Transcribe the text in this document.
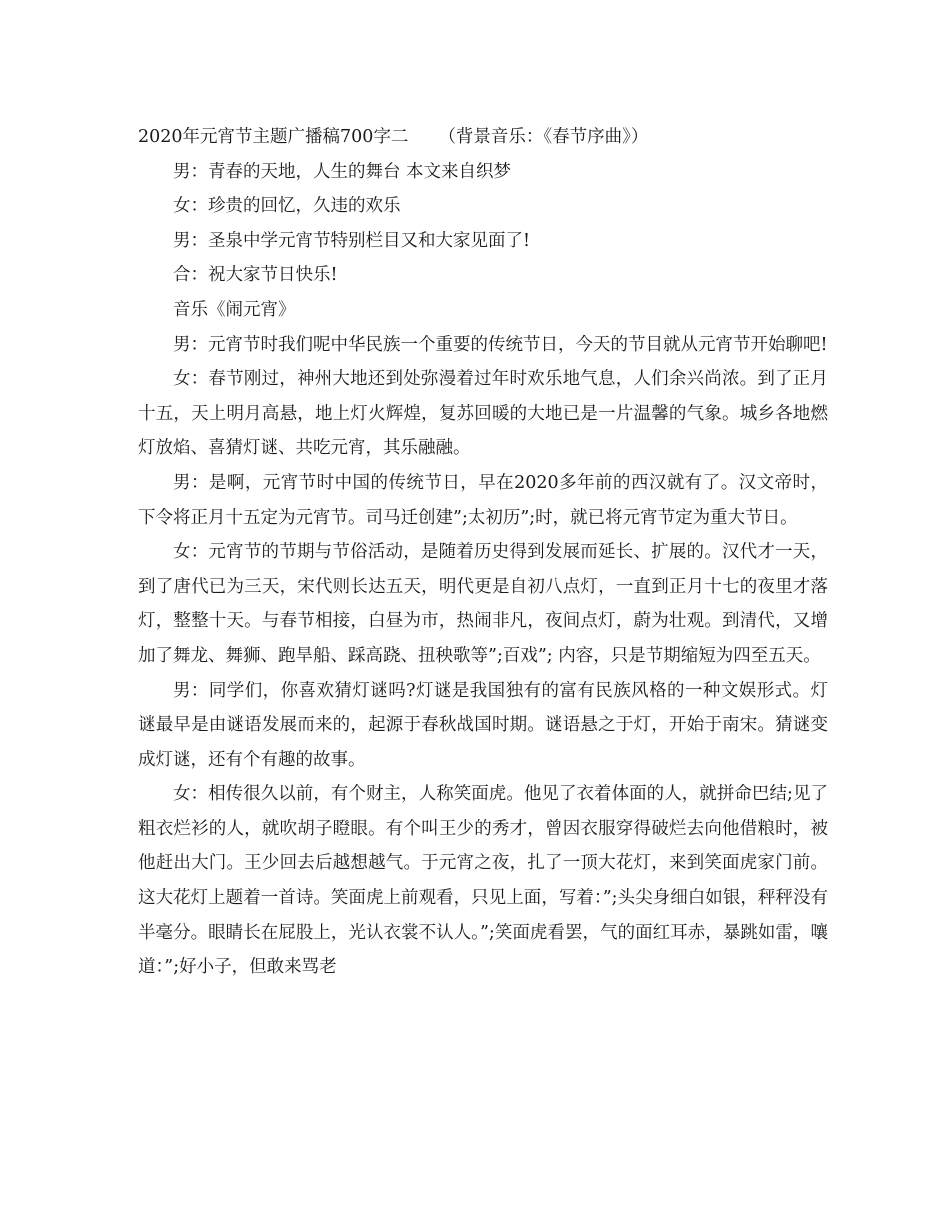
2020年元宵节主题广播稿700字二 （背景音乐：《春节序曲》）

男：青春的天地，人生的舞台 本文来自织梦

女：珍贵的回忆，久违的欢乐

男：圣泉中学元宵节特别栏目又和大家见面了!

合：祝大家节日快乐!

音乐《闹元宵》

男：元宵节时我们呢中华民族一个重要的传统节日，今天的节目就从元宵节开始聊吧!

女：春节刚过，神州大地还到处弥漫着过年时欢乐地气息，人们余兴尚浓。到了正月十五，天上明月高悬，地上灯火辉煌，复苏回暖的大地已是一片温馨的气象。城乡各地燃灯放焰、喜猜灯谜、共吃元宵，其乐融融。

男：是啊，元宵节时中国的传统节日，早在2020多年前的西汉就有了。汉文帝时，下令将正月十五定为元宵节。司马迁创建”;太初历”;时，就已将元宵节定为重大节日。

女：元宵节的节期与节俗活动，是随着历史得到发展而延长、扩展的。汉代才一天，到了唐代已为三天，宋代则长达五天，明代更是自初八点灯，一直到正月十七的夜里才落灯，整整十天。与春节相接，白昼为市，热闹非凡，夜间点灯，蔚为壮观。到清代，又增加了舞龙、舞狮、跑旱船、踩高跷、扭秧歌等”;百戏”; 内容，只是节期缩短为四至五天。

男：同学们，你喜欢猜灯谜吗?灯谜是我国独有的富有民族风格的一种文娱形式。灯谜最早是由谜语发展而来的，起源于春秋战国时期。谜语悬之于灯，开始于南宋。猜谜变成灯谜，还有个有趣的故事。

女：相传很久以前，有个财主，人称笑面虎。他见了衣着体面的人，就拼命巴结;见了粗衣烂衫的人，就吹胡子瞪眼。有个叫王少的秀才，曾因衣服穿得破烂去向他借粮时，被他赶出大门。王少回去后越想越气。于元宵之夜，扎了一顶大花灯，来到笑面虎家门前。这大花灯上题着一首诗。笑面虎上前观看，只见上面，写着：”;头尖身细白如银，秤秤没有半毫分。眼睛长在屁股上，光认衣裳不认人。”;笑面虎看罢，气的面红耳赤，暴跳如雷，嚷道：”;好小子，但敢来骂老
